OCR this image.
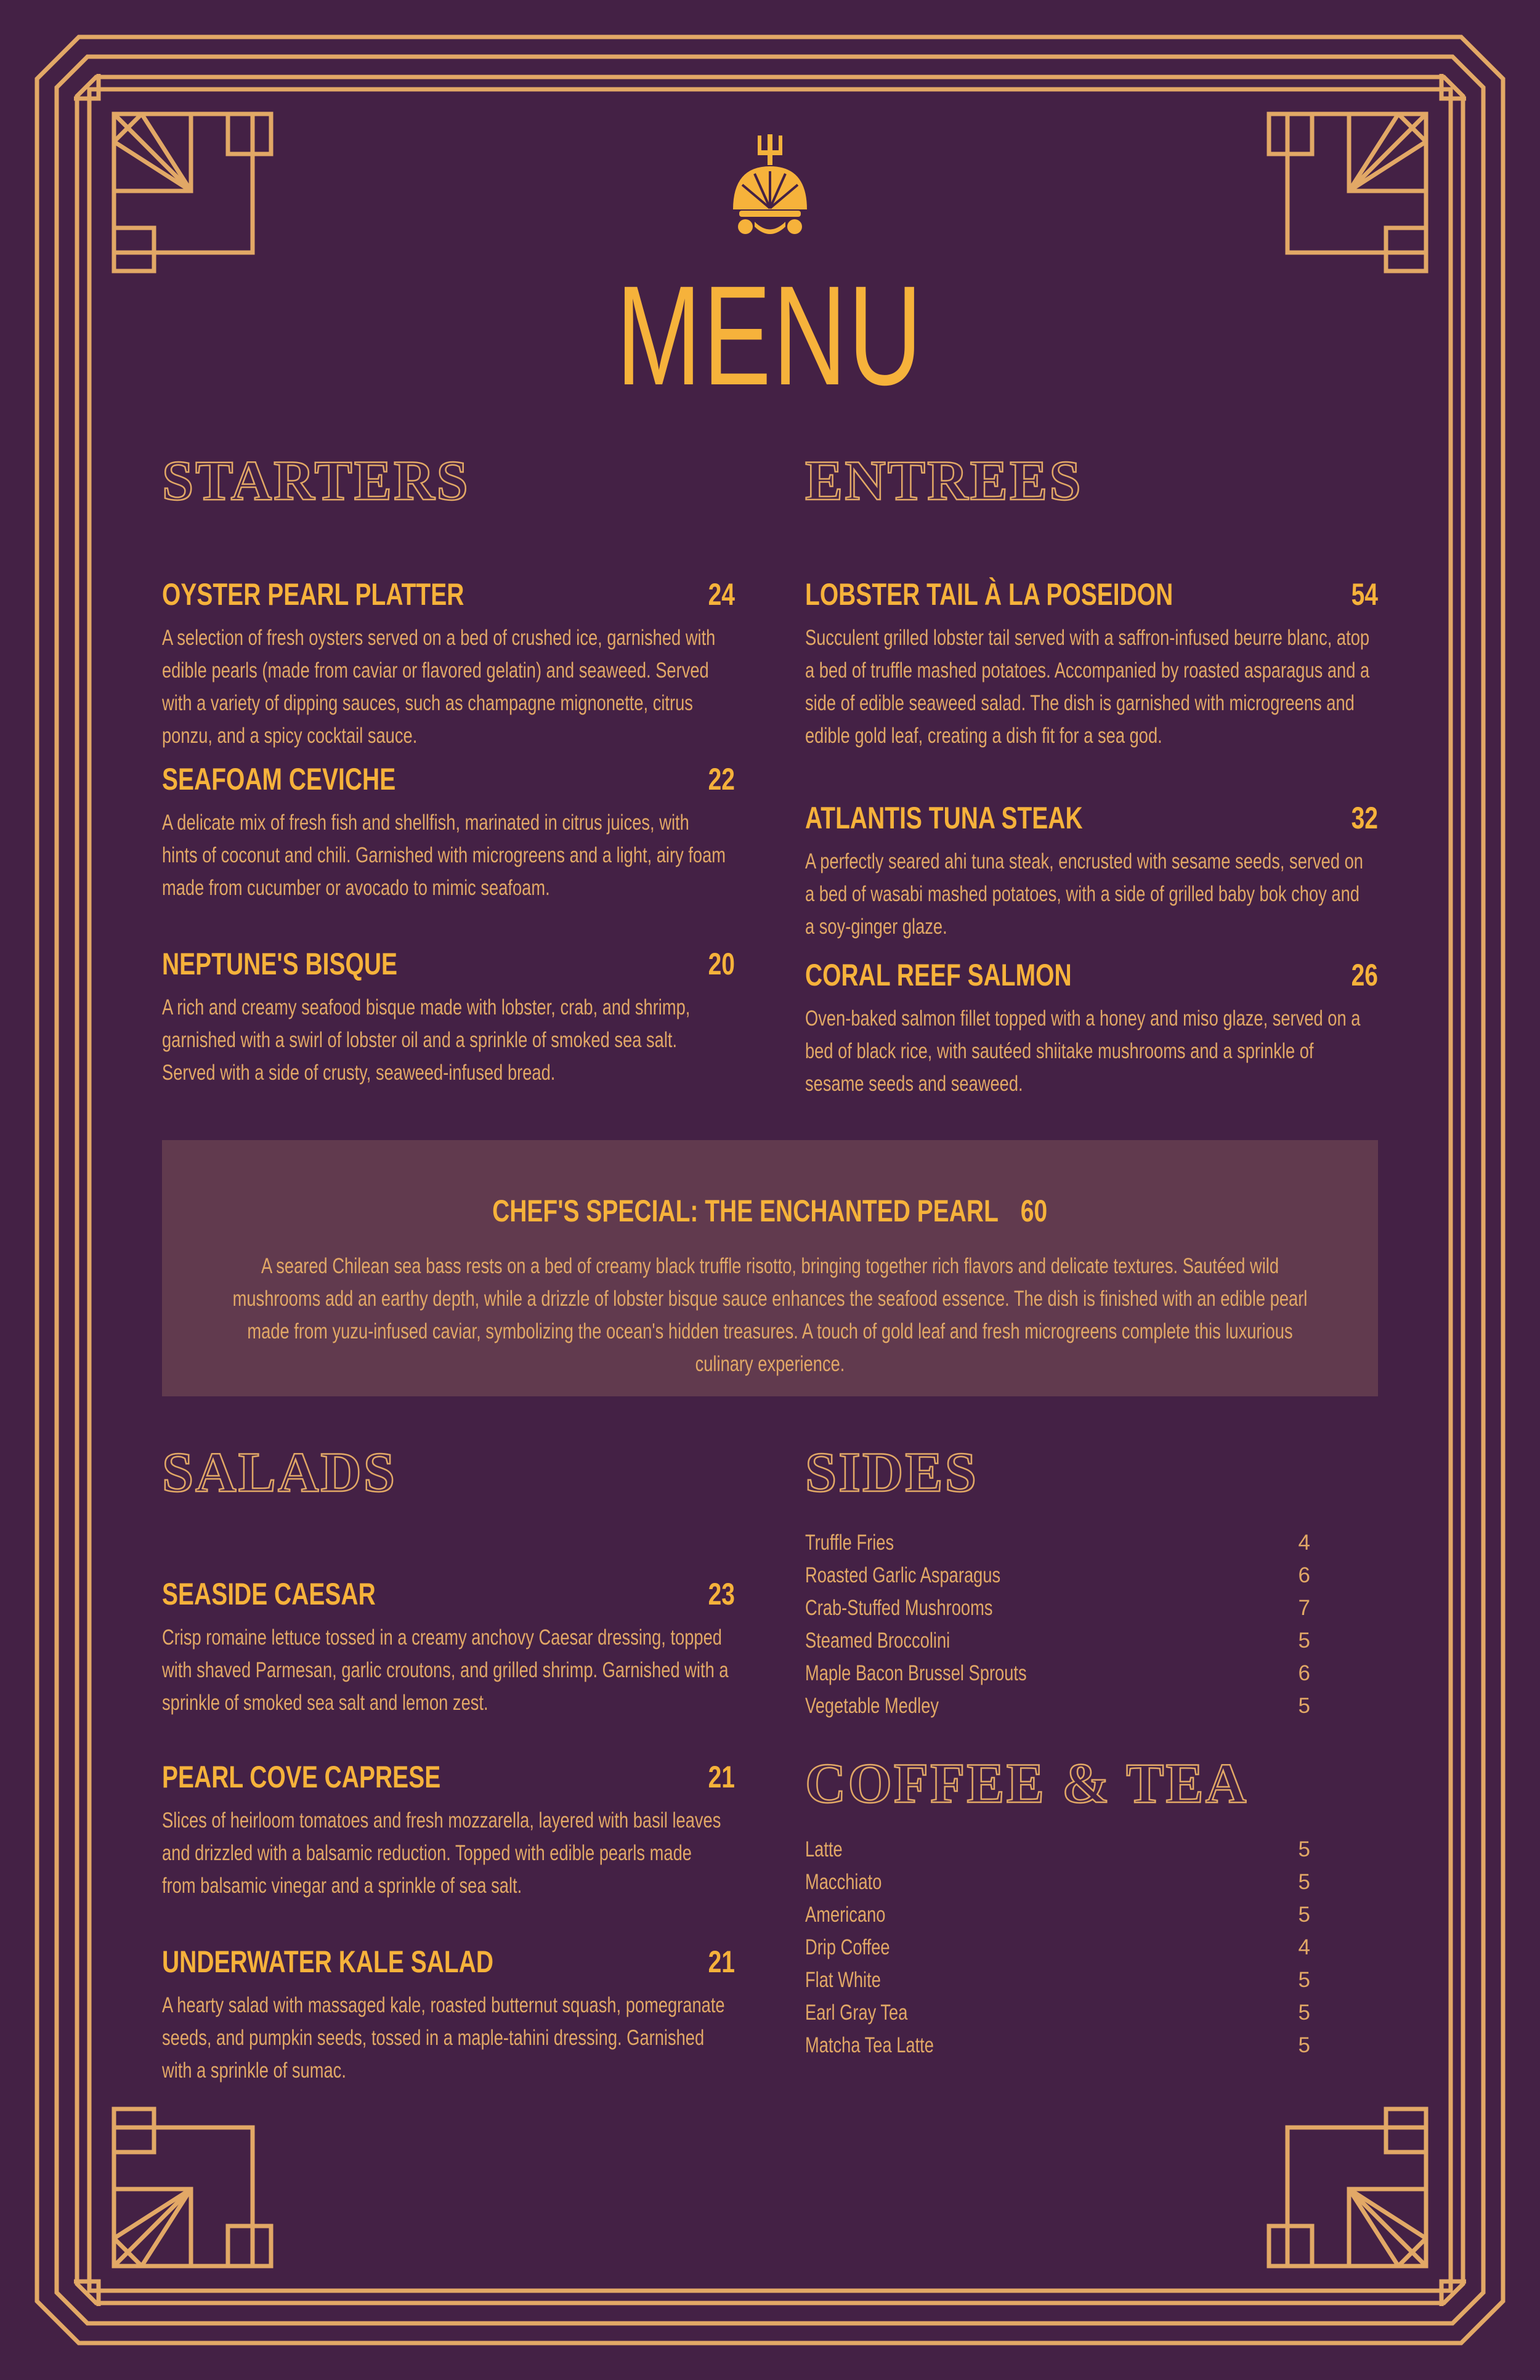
MENU
STARTERS
OYSTER PEARL PLATTER	24
A selection of fresh oysters served on a bed of crushed ice, garnished with edible pearls (made from caviar or flavored gelatin) and seaweed. Served with a variety of dipping sauces, such as champagne mignonette, citrus ponzu, and a spicy cocktail sauce.
SEAFOAM CEVICHE	22
A delicate mix of fresh fish and shellfish, marinated in citrus juices, with hints of coconut and chili. Garnished with microgreens and a light, airy foam made from cucumber or avocado to mimic seafoam.
NEPTUNE'S BISQUE	20
A rich and creamy seafood bisque made with lobster, crab, and shrimp, garnished with a swirl of lobster oil and a sprinkle of smoked sea salt. Served with a side of crusty, seaweed-infused bread.
ENTREES
LOBSTER TAIL À LA POSEIDON	54
Succulent grilled lobster tail served with a saffron-infused beurre blanc, atop a bed of truffle mashed potatoes. Accompanied by roasted asparagus and a side of edible seaweed salad. The dish is garnished with microgreens and edible gold leaf, creating a dish fit for a sea god.
ATLANTIS TUNA STEAK	32
A perfectly seared ahi tuna steak, encrusted with sesame seeds, served on a bed of wasabi mashed potatoes, with a side of grilled baby bok choy and a soy-ginger glaze.
CORAL REEF SALMON	26
Oven-baked salmon fillet topped with a honey and miso glaze, served on a bed of black rice, with sautéed shiitake mushrooms and a sprinkle of sesame seeds and seaweed.
CHEF'S SPECIAL: THE ENCHANTED PEARL 60
A seared Chilean sea bass rests on a bed of creamy black truffle risotto, bringing together rich flavors and delicate textures. Sautéed wild mushrooms add an earthy depth, while a drizzle of lobster bisque sauce enhances the seafood essence. The dish is finished with an edible pearl made from yuzu-infused caviar, symbolizing the ocean's hidden treasures. A touch of gold leaf and fresh microgreens complete this luxurious culinary experience.
SALADS
SEASIDE CAESAR	23
Crisp romaine lettuce tossed in a creamy anchovy Caesar dressing, topped with shaved Parmesan, garlic croutons, and grilled shrimp. Garnished with a sprinkle of smoked sea salt and lemon zest.
PEARL COVE CAPRESE	21
Slices of heirloom tomatoes and fresh mozzarella, layered with basil leaves and drizzled with a balsamic reduction. Topped with edible pearls made from balsamic vinegar and a sprinkle of sea salt.
UNDERWATER KALE SALAD	21
A hearty salad with massaged kale, roasted butternut squash, pomegranate seeds, and pumpkin seeds, tossed in a maple-tahini dressing. Garnished with a sprinkle of sumac.
SIDES
Truffle Fries	4
Roasted Garlic Asparagus	6
Crab-Stuffed Mushrooms	7
Steamed Broccolini	5
Maple Bacon Brussel Sprouts	6
Vegetable Medley	5
COFFEE & TEA
Latte	5
Macchiato	5
Americano	5
Drip Coffee	4
Flat White	5
Earl Gray Tea	5
Matcha Tea Latte	5
